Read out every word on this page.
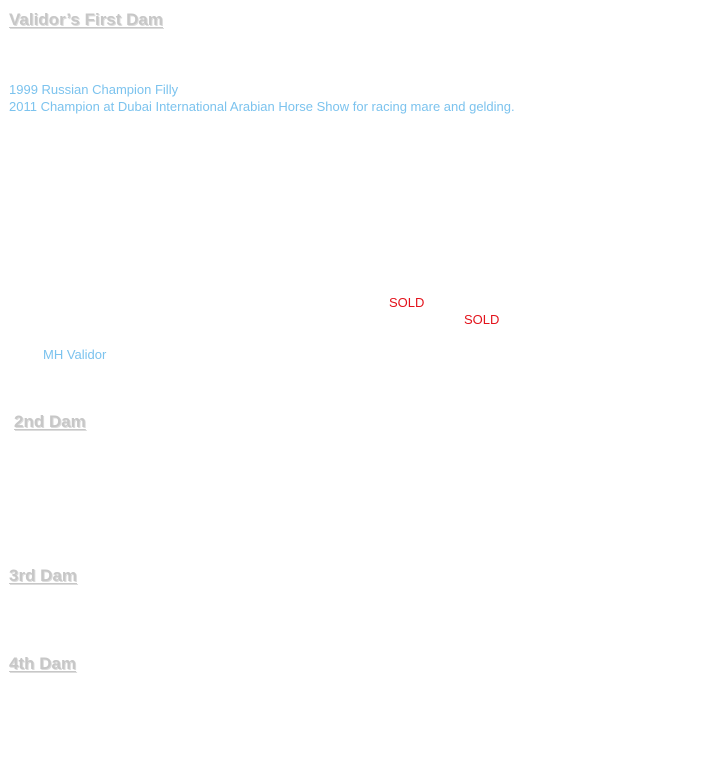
Validor’s First Dam
1999 Russian Champion Filly
2011 Champion at Dubai International Arabian Horse Show for racing mare and gelding.
SOLD
SOLD
MH Validor
2nd Dam
3rd Dam
4th Dam
